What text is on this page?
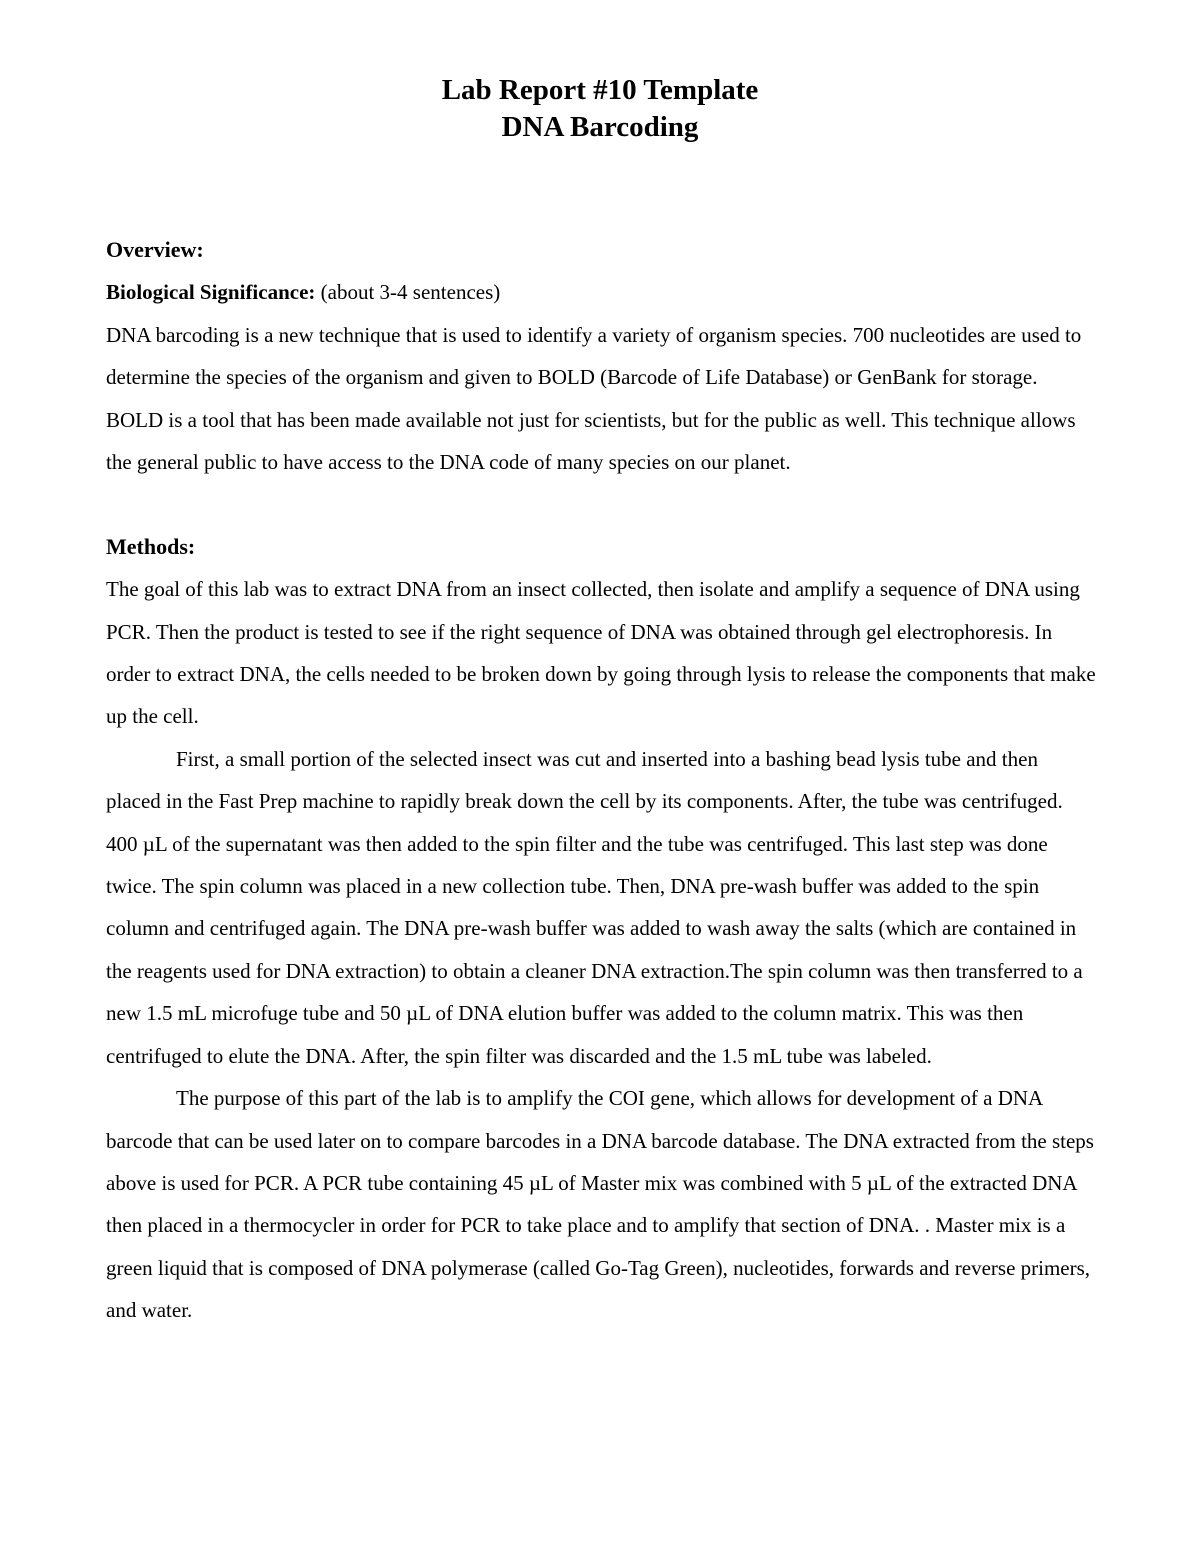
Lab Report #10 Template
DNA Barcoding
Overview:
Biological Significance: (about 3-4 sentences)
DNA barcoding is a new technique that is used to identify a variety of organism species. 700 nucleotides are used to determine the species of the organism and given to BOLD (Barcode of Life Database) or GenBank for storage. BOLD is a tool that has been made available not just for scientists, but for the public as well. This technique allows the general public to have access to the DNA code of many species on our planet.
Methods:
The goal of this lab was to extract DNA from an insect collected, then isolate and amplify a sequence of DNA using PCR. Then the product is tested to see if the right sequence of DNA was obtained through gel electrophoresis. In order to extract DNA, the cells needed to be broken down by going through lysis to release the components that make up the cell.
First, a small portion of the selected insect was cut and inserted into a bashing bead lysis tube and then placed in the Fast Prep machine to rapidly break down the cell by its components. After, the tube was centrifuged. 400 µL of the supernatant was then added to the spin filter and the tube was centrifuged. This last step was done twice. The spin column was placed in a new collection tube. Then, DNA pre-wash buffer was added to the spin column and centrifuged again. The DNA pre-wash buffer was added to wash away the salts (which are contained in the reagents used for DNA extraction) to obtain a cleaner DNA extraction.The spin column was then transferred to a new 1.5 mL microfuge tube and 50 µL of DNA elution buffer was added to the column matrix. This was then centrifuged to elute the DNA. After, the spin filter was discarded and the 1.5 mL tube was labeled.
The purpose of this part of the lab is to amplify the COI gene, which allows for development of a DNA barcode that can be used later on to compare barcodes in a DNA barcode database. The DNA extracted from the steps above is used for PCR. A PCR tube containing 45 µL of Master mix was combined with 5 µL of the extracted DNA then placed in a thermocycler in order for PCR to take place and to amplify that section of DNA. . Master mix is a green liquid that is composed of DNA polymerase (called Go-Tag Green), nucleotides, forwards and reverse primers, and water.
